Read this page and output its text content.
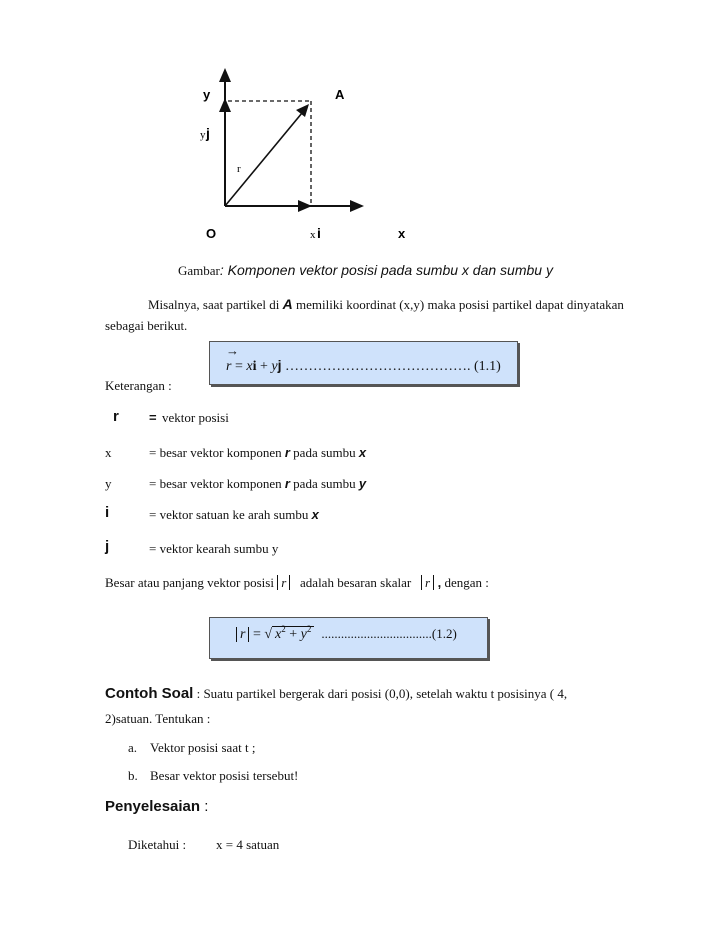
y	A
y j
r
O	x i	x
Gambar: Komponen vektor posisi pada sumbu x dan sumbu y
Misalnya, saat partikel di A memiliki koordinat (x,y) maka posisi partikel dapat dinyatakan
sebagai berikut.
→
r = xi + yj …………………………………. (1.1)
Keterangan :
r = vektor posisi
x	= besar vektor komponen r pada sumbu x
y	= besar vektor komponen r pada sumbu y
i	= vektor satuan ke arah sumbu x
j	= vektor kearah sumbu y
Besar atau panjang vektor posisi r   adalah besaran skalar   r , dengan :
r = √ $x^2 + y^2$ ..................................(1.2)
Contoh Soal : Suatu partikel bergerak dari posisi (0,0), setelah waktu t posisinya ( 4,
2)satuan. Tentukan :
a. Vektor posisi saat t ;
b. Besar vektor posisi tersebut!
Penyelesaian :
Diketahui : x = 4 satuan
